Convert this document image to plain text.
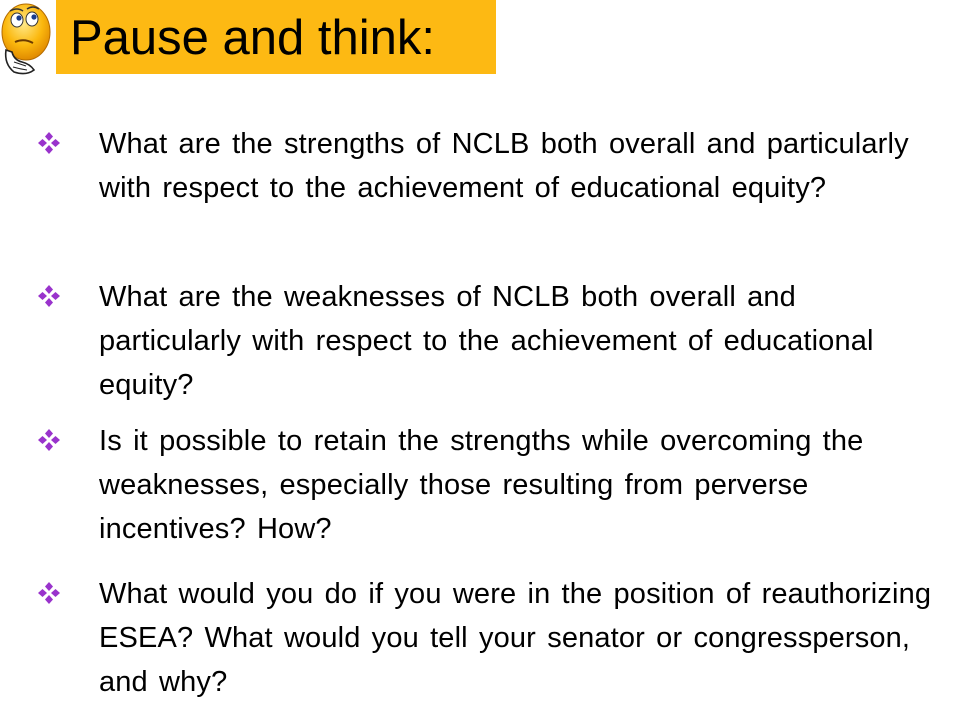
Pause and think:
What are the strengths of NCLB both overall and particularly with respect to the achievement of educational equity?
What are the weaknesses of NCLB both overall and particularly with respect to the achievement of educational equity?
Is it possible to retain the strengths while overcoming the weaknesses, especially those resulting from perverse incentives? How?
What would you do if you were in the position of reauthorizing ESEA? What would you tell your senator or congressperson, and why?
